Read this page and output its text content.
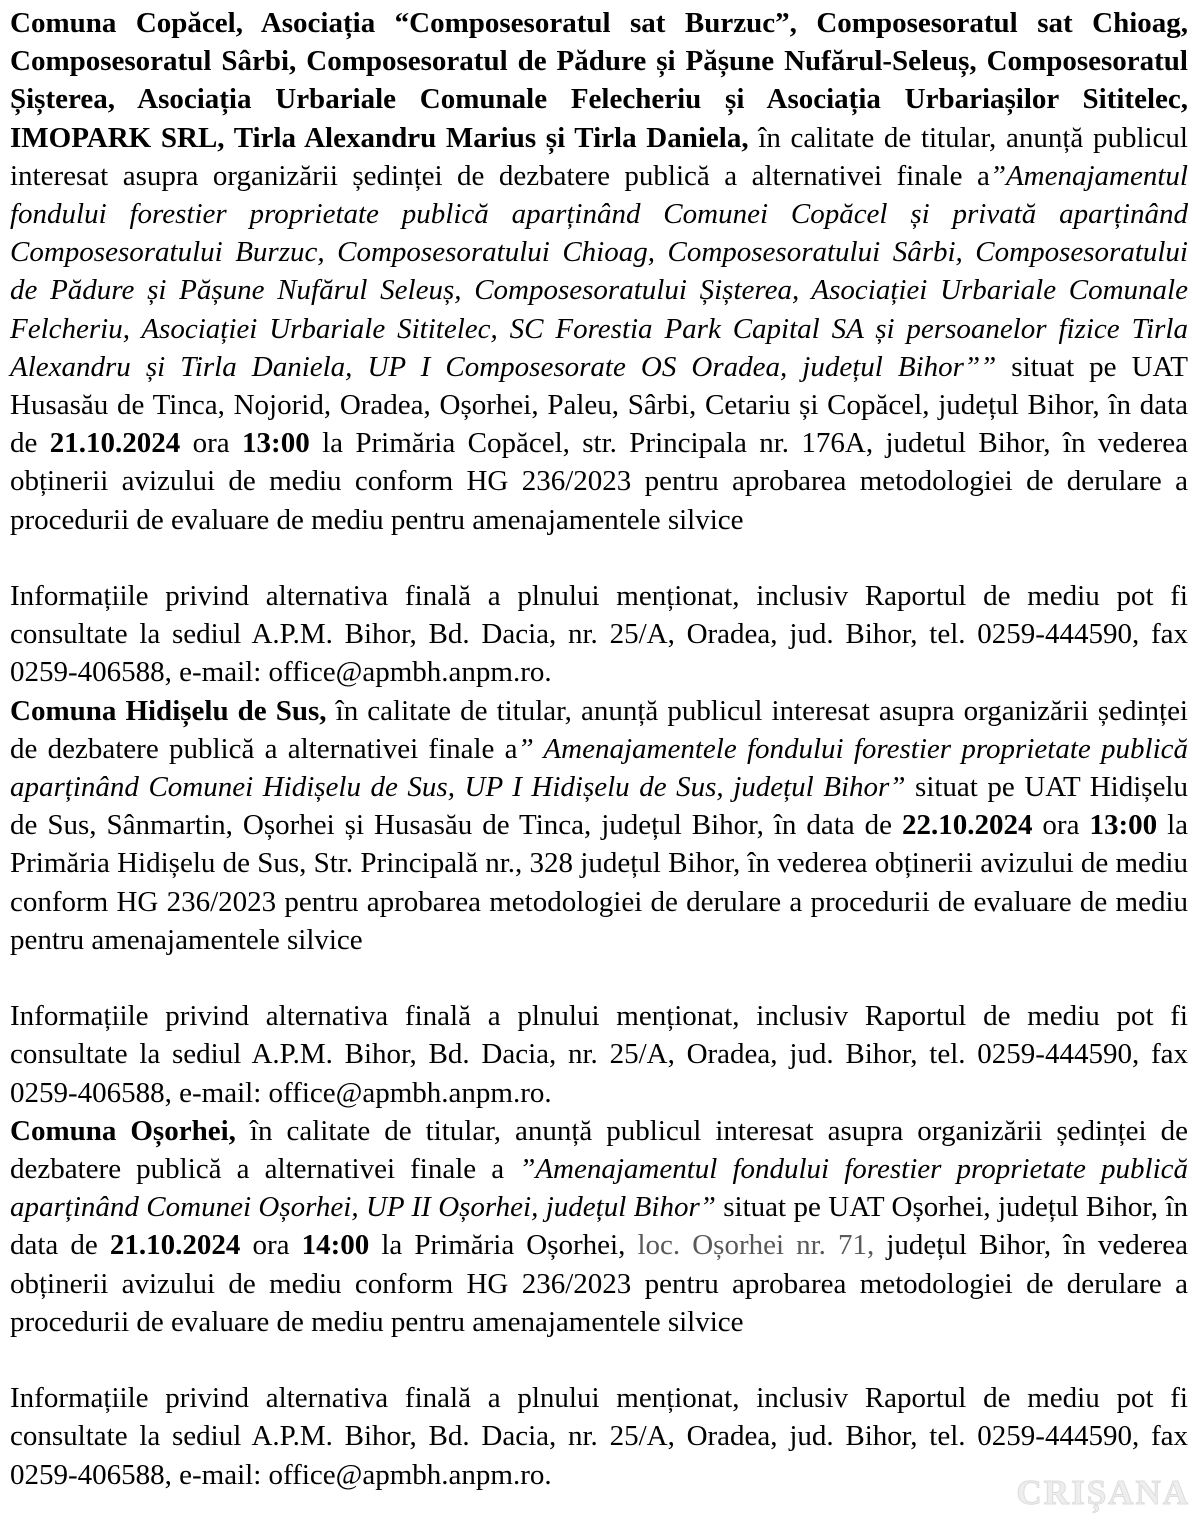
Comuna Copăcel, Asociația “Composesoratul sat Burzuc”, Composesoratul sat Chioag, Composesoratul Sârbi, Composesoratul de Pădure și Pășune Nufărul-Seleuș, Composesoratul Șișterea, Asociația Urbariale Comunale Felecheriu și Asociația Urbariașilor Sititelec, IMOPARK SRL, Tirla Alexandru Marius și Tirla Daniela, în calitate de titular, anunță publicul interesat asupra organizării ședinței de dezbatere publică a alternativei finale a”Amenajamentul fondului forestier proprietate publică aparținând Comunei Copăcel și privată aparținând Composesoratului Burzuc, Composesoratului Chioag, Composesoratului Sârbi, Composesoratului de Pădure și Pășune Nufărul Seleuș, Composesoratului Șișterea, Asociației Urbariale Comunale Felcheriu, Asociației Urbariale Sititelec, SC Forestia Park Capital SA și persoanelor fizice Tirla Alexandru și Tirla Daniela, UP I Composesorate OS Oradea, județul Bihor”” situat pe UAT Husasău de Tinca, Nojorid, Oradea, Oșorhei, Paleu, Sârbi, Cetariu și Copăcel, județul Bihor, în data de 21.10.2024 ora 13:00 la Primăria Copăcel, str. Principala nr. 176A, judetul Bihor, în vederea obținerii avizului de mediu conform HG 236/2023 pentru aprobarea metodologiei de derulare a procedurii de evaluare de mediu pentru amenajamentele silvice

Informațiile privind alternativa finală a plnului menționat, inclusiv Raportul de mediu pot fi consultate la sediul A.P.M. Bihor, Bd. Dacia, nr. 25/A, Oradea, jud. Bihor, tel. 0259-444590, fax 0259-406588, e-mail: office@apmbh.anpm.ro.

Comuna Hidișelu de Sus, în calitate de titular, anunță publicul interesat asupra organizării ședinței de dezbatere publică a alternativei finale a” Amenajamentele fondului forestier proprietate publică aparținând Comunei Hidișelu de Sus, UP I Hidișelu de Sus, județul Bihor” situat pe UAT Hidișelu de Sus, Sânmartin, Oșorhei și Husasău de Tinca, județul Bihor, în data de 22.10.2024 ora 13:00 la Primăria Hidișelu de Sus, Str. Principală nr., 328 județul Bihor, în vederea obținerii avizului de mediu conform HG 236/2023 pentru aprobarea metodologiei de derulare a procedurii de evaluare de mediu pentru amenajamentele silvice

Informațiile privind alternativa finală a plnului menționat, inclusiv Raportul de mediu pot fi consultate la sediul A.P.M. Bihor, Bd. Dacia, nr. 25/A, Oradea, jud. Bihor, tel. 0259-444590, fax 0259-406588, e-mail: office@apmbh.anpm.ro.

Comuna Oșorhei, în calitate de titular, anunță publicul interesat asupra organizării ședinței de dezbatere publică a alternativei finale a ”Amenajamentul fondului forestier proprietate publică aparținând Comunei Oșorhei, UP II Oșorhei, județul Bihor” situat pe UAT Oșorhei, județul Bihor, în data de 21.10.2024 ora 14:00 la Primăria Oșorhei, loc. Oșorhei nr. 71, județul Bihor, în vederea obținerii avizului de mediu conform HG 236/2023 pentru aprobarea metodologiei de derulare a procedurii de evaluare de mediu pentru amenajamentele silvice

Informațiile privind alternativa finală a plnului menționat, inclusiv Raportul de mediu pot fi consultate la sediul A.P.M. Bihor, Bd. Dacia, nr. 25/A, Oradea, jud. Bihor, tel. 0259-444590, fax 0259-406588, e-mail: office@apmbh.anpm.ro.	CRIȘANA
